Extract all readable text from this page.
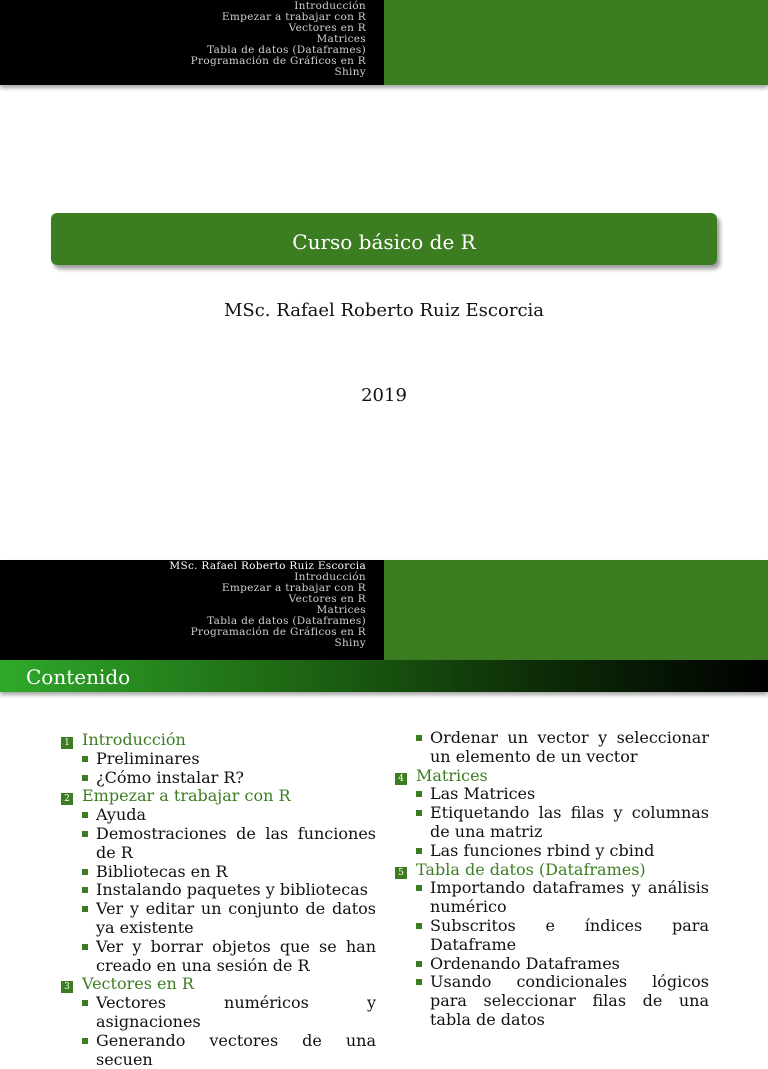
Introducción
Empezar a trabajar con R
Vectores en R
Matrices
Tabla de datos (Dataframes)
Programación de Gráficos en R
Shiny
Curso básico de R
MSc. Rafael Roberto Ruiz Escorcia
2019
MSc. Rafael Roberto Ruiz Escorcia
Introducción
Empezar a trabajar con R
Vectores en R
Matrices
Tabla de datos (Dataframes)
Programación de Gráficos en R
Shiny
Contenido
1 Introducción
Preliminares
¿Cómo instalar R?
2 Empezar a trabajar con R
Ayuda
Demostraciones de las funciones de R
Bibliotecas en R
Instalando paquetes y bibliotecas
Ver y editar un conjunto de datos ya existente
Ver y borrar objetos que se han creado en una sesión de R
3 Vectores en R
Vectores numéricos y asignaciones
Generando vectores de una secuen
Ordenar un vector y seleccionar un elemento de un vector
4 Matrices
Las Matrices
Etiquetando las filas y columnas de una matriz
Las funciones rbind y cbind
5 Tabla de datos (Dataframes)
Importando dataframes y análisis numérico
Subscritos e índices para Dataframe
Ordenando Dataframes
Usando condicionales lógicos para seleccionar filas de una tabla de datos
